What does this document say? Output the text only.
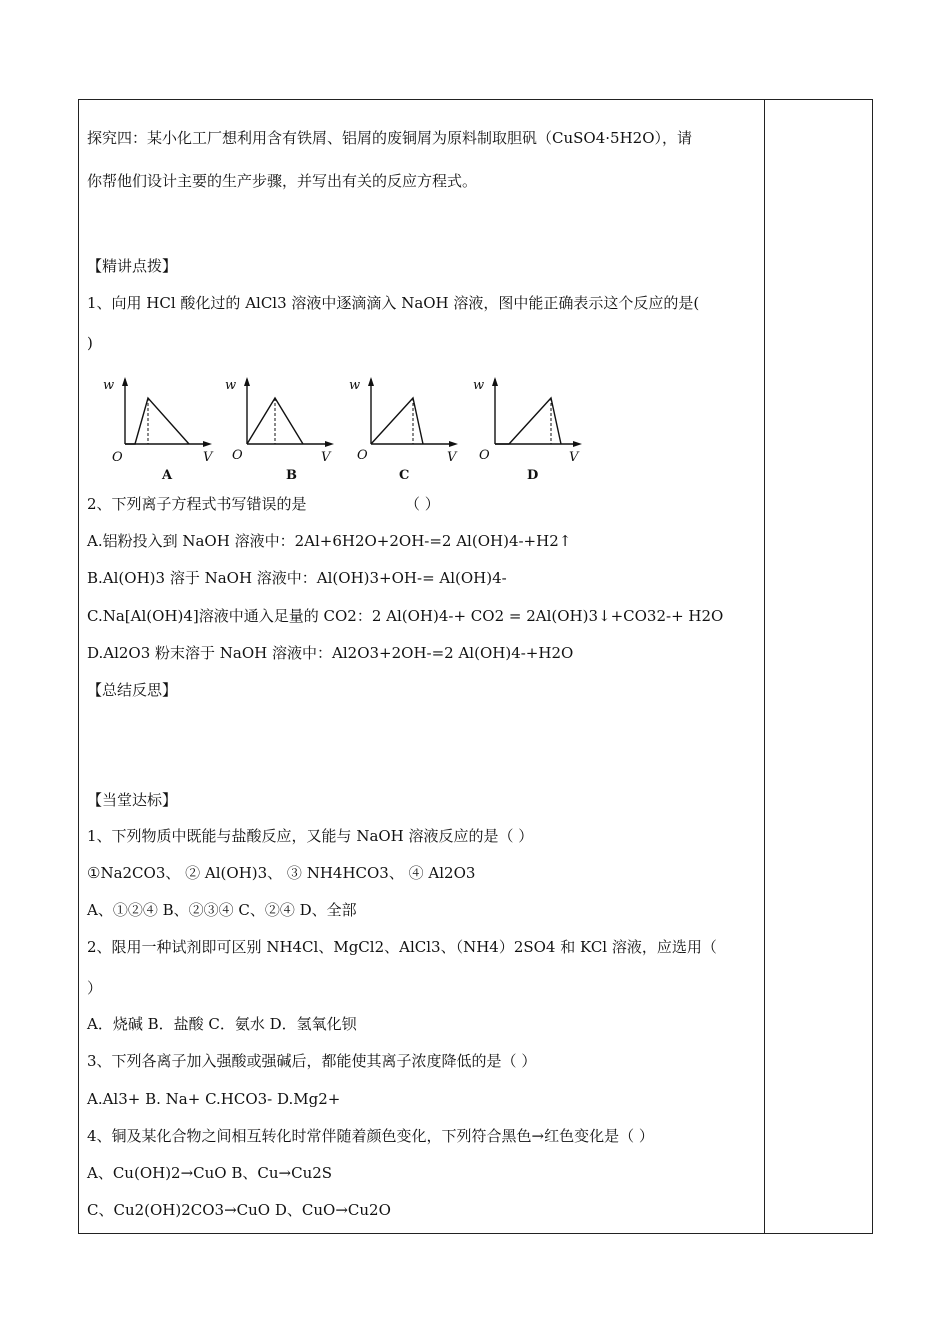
探究四：某小化工厂想利用含有铁屑、铝屑的废铜屑为原料制取胆矾（CuSO4·5H2O），请
你帮他们设计主要的生产步骤，并写出有关的反应方程式。
【精讲点拨】
1、向用 HCl 酸化过的 AlCl3 溶液中逐滴滴入 NaOH 溶液，图中能正确表示这个反应的是(
)
w
O	V
A
w
O	V
B
w
O	V
C
w
O	V
D
2、下列离子方程式书写错误的是	（ ）
A.铝粉投入到 NaOH 溶液中：2Al+6H2O+2OH-=2 Al(OH)4-+H2↑
B.Al(OH)3 溶于 NaOH 溶液中：Al(OH)3+OH-= Al(OH)4-
C.Na[Al(OH)4]溶液中通入足量的 CO2：2 Al(OH)4-+ CO2 = 2Al(OH)3↓+CO32-+ H2O
D.Al2O3 粉末溶于 NaOH 溶液中：Al2O3+2OH-=2 Al(OH)4-+H2O
【总结反思】
【当堂达标】
1、下列物质中既能与盐酸反应，又能与 NaOH 溶液反应的是（ ）
①Na2CO3、 ② Al(OH)3、 ③ NH4HCO3、 ④ Al2O3
A、①②④ B、②③④ C、②④ D、全部
2、限用一种试剂即可区别 NH4Cl、MgCl2、AlCl3、（NH4）2SO4 和 KCl 溶液，应选用（
）
A．烧碱 B．盐酸 C．氨水 D．氢氧化钡
3、下列各离子加入强酸或强碱后，都能使其离子浓度降低的是（ ）
A.Al3+ B. Na+ C.HCO3- D.Mg2+
4、铜及某化合物之间相互转化时常伴随着颜色变化，下列符合黑色→红色变化是（ ）
A、Cu(OH)2→CuO B、Cu→Cu2S
C、Cu2(OH)2CO3→CuO D、CuO→Cu2O
